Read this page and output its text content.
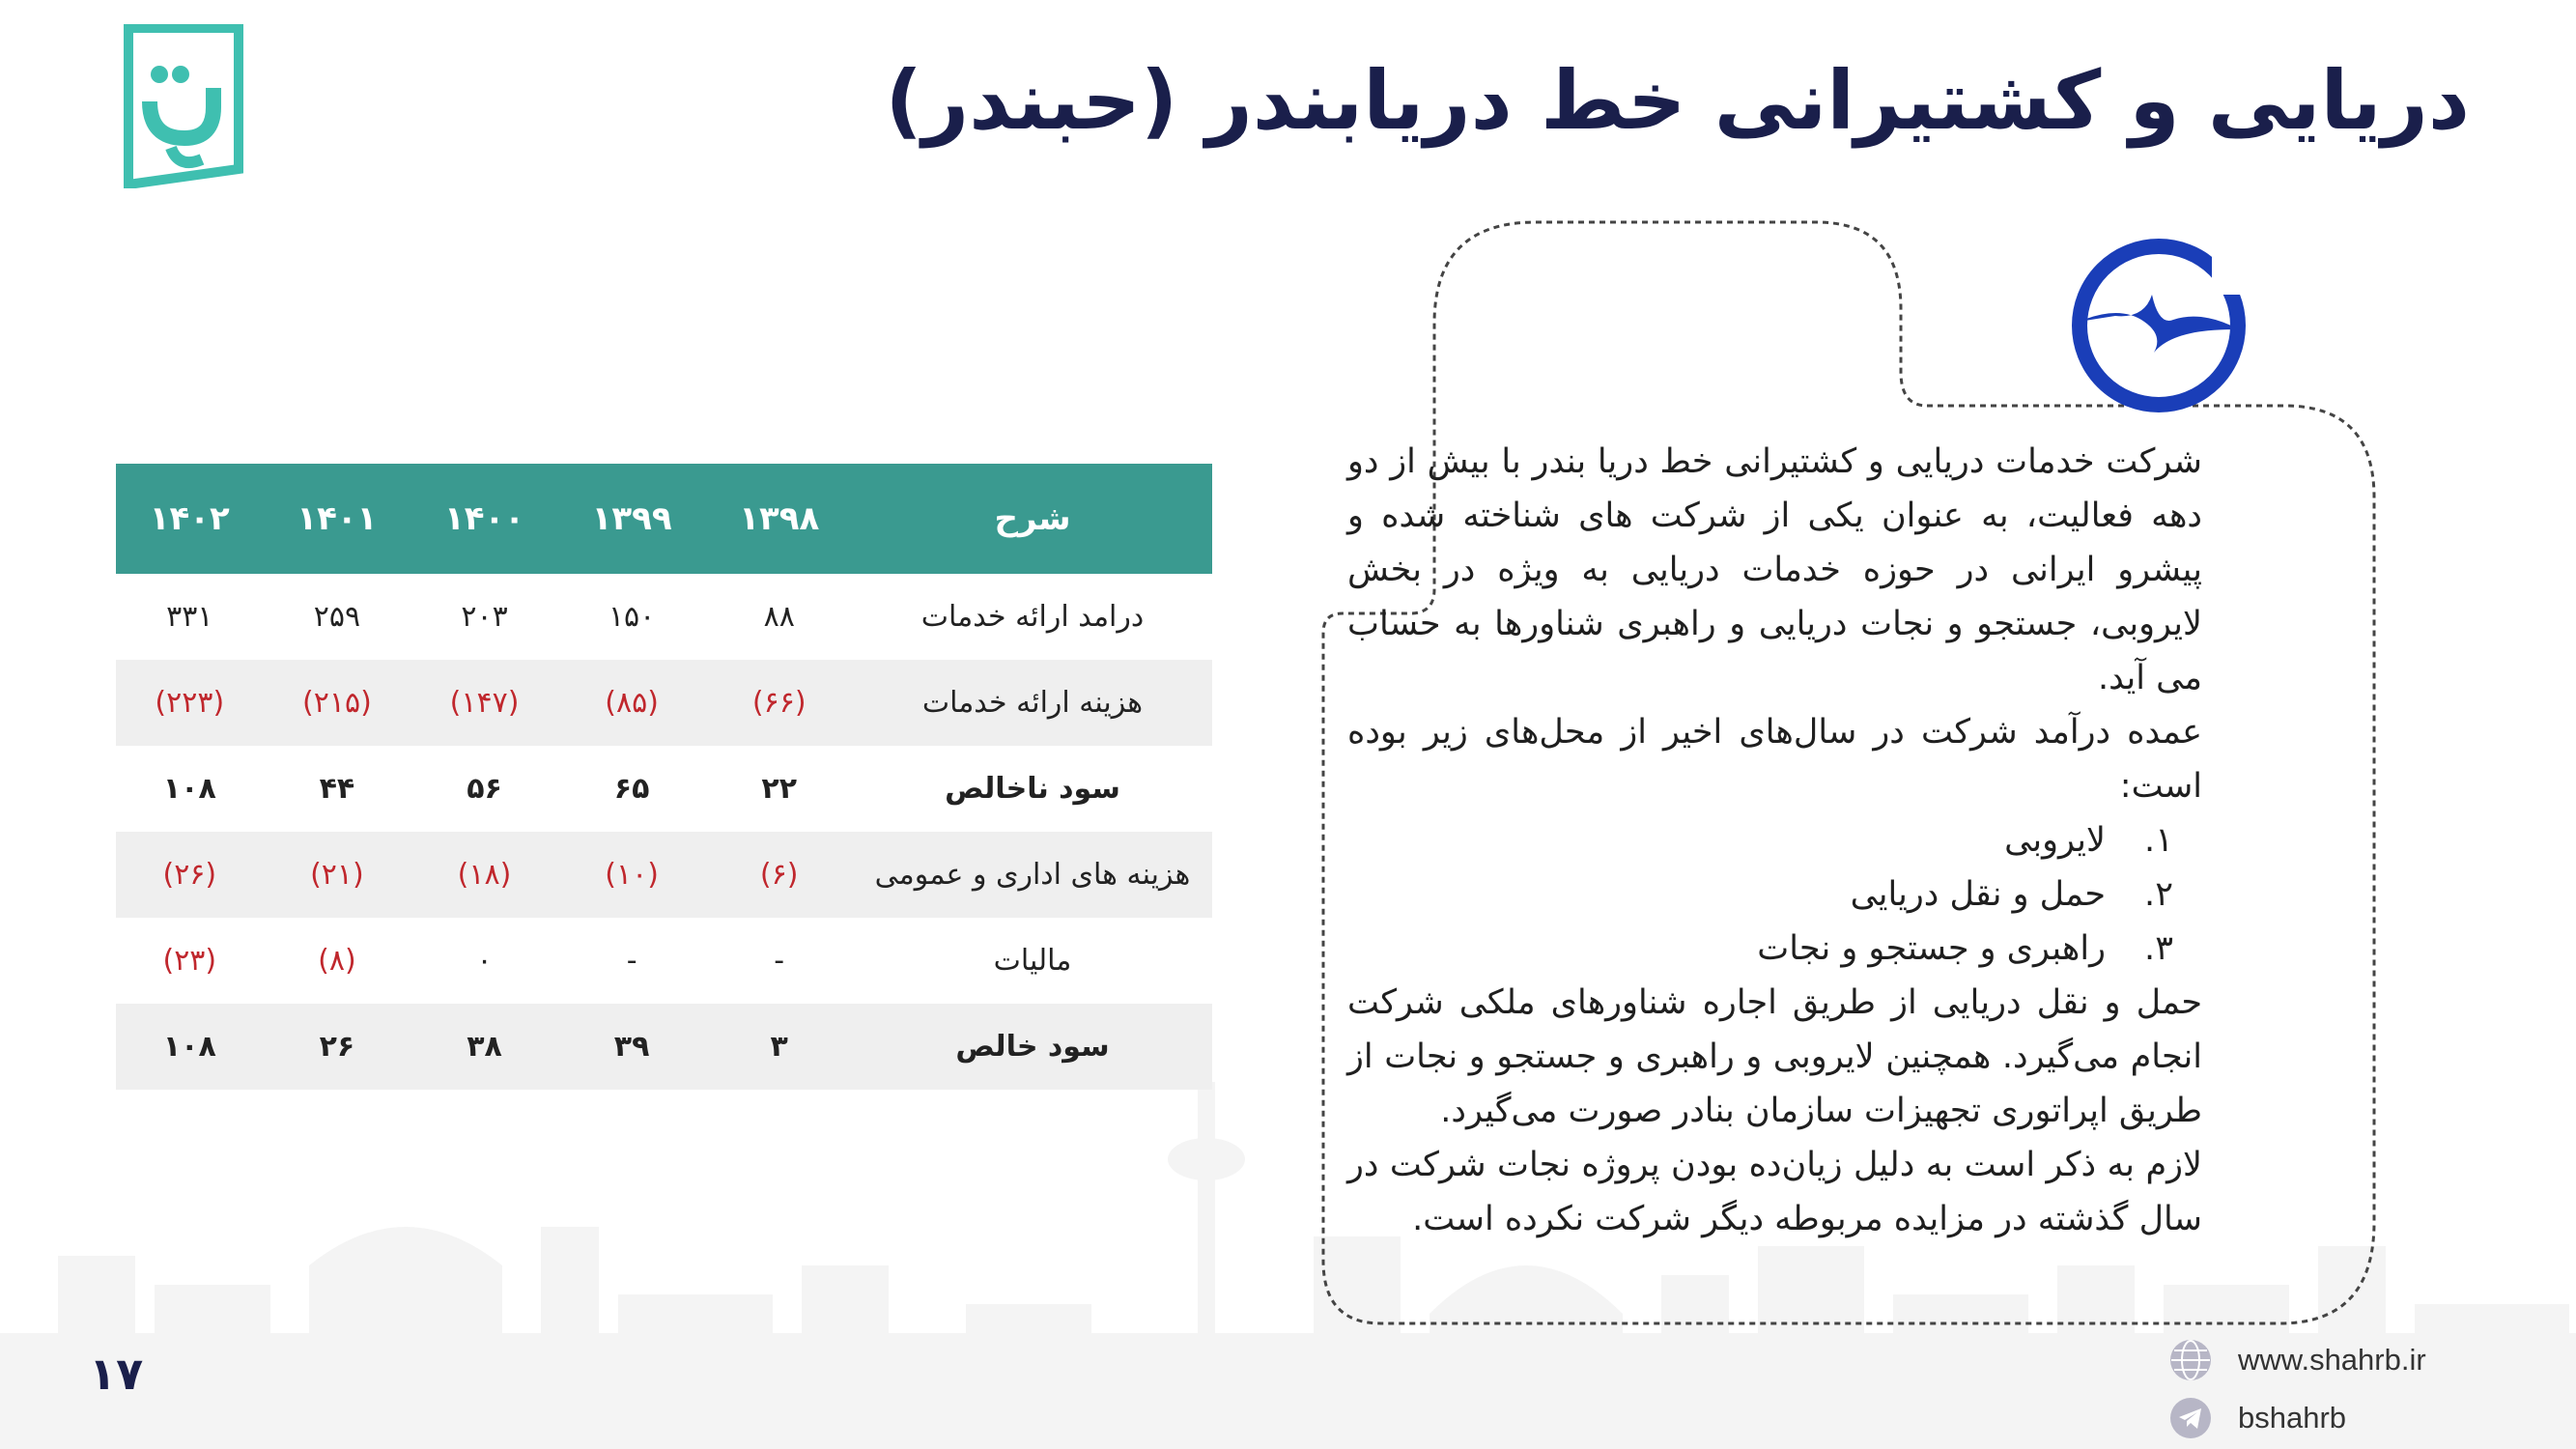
دریایی و کشتیرانی خط دریابندر (حبندر)

شرکت خدمات دریایی و کشتیرانی خط دریا بندر با بیش از دو دهه فعالیت، به عنوان یکی از شرکت های شناخته شده و پیشرو ایرانی در حوزه خدمات دریایی به ویژه در بخش لایروبی، جستجو و نجات دریایی و راهبری شناورها به حساب می آید.

عمده درآمد شرکت در سال‌های اخیر از محل‌های زیر بوده است:

۱.لایروبی
۲.حمل و نقل دریایی
۳.راهبری و جستجو و نجات

حمل و نقل دریایی از طریق اجاره شناورهای ملکی شرکت انجام می‌گیرد. همچنین لایروبی و راهبری و جستجو و نجات از طریق اپراتوری تجهیزات سازمان بنادر صورت می‌گیرد.

لازم به ذکر است به دلیل زیان‌ده بودن پروژه نجات شرکت در سال گذشته در مزایده مربوطه دیگر شرکت نکرده است.

شرح	۱۳۹۸	۱۳۹۹	۱۴۰۰	۱۴۰۱	۱۴۰۲
درامد ارائه خدمات	۸۸	۱۵۰	۲۰۳	۲۵۹	۳۳۱
هزینه ارائه خدمات	(۶۶)	(۸۵)	(۱۴۷)	(۲۱۵)	(۲۲۳)
سود ناخالص	۲۲	۶۵	۵۶	۴۴	۱۰۸
هزینه های اداری و عمومی	(۶)	(۱۰)	(۱۸)	(۲۱)	(۲۶)
مالیات	-	-	۰	(۸)	(۲۳)
سود خالص	۳	۳۹	۳۸	۲۶	۱۰۸
۱۷	www.shahrb.ir
bshahrb
